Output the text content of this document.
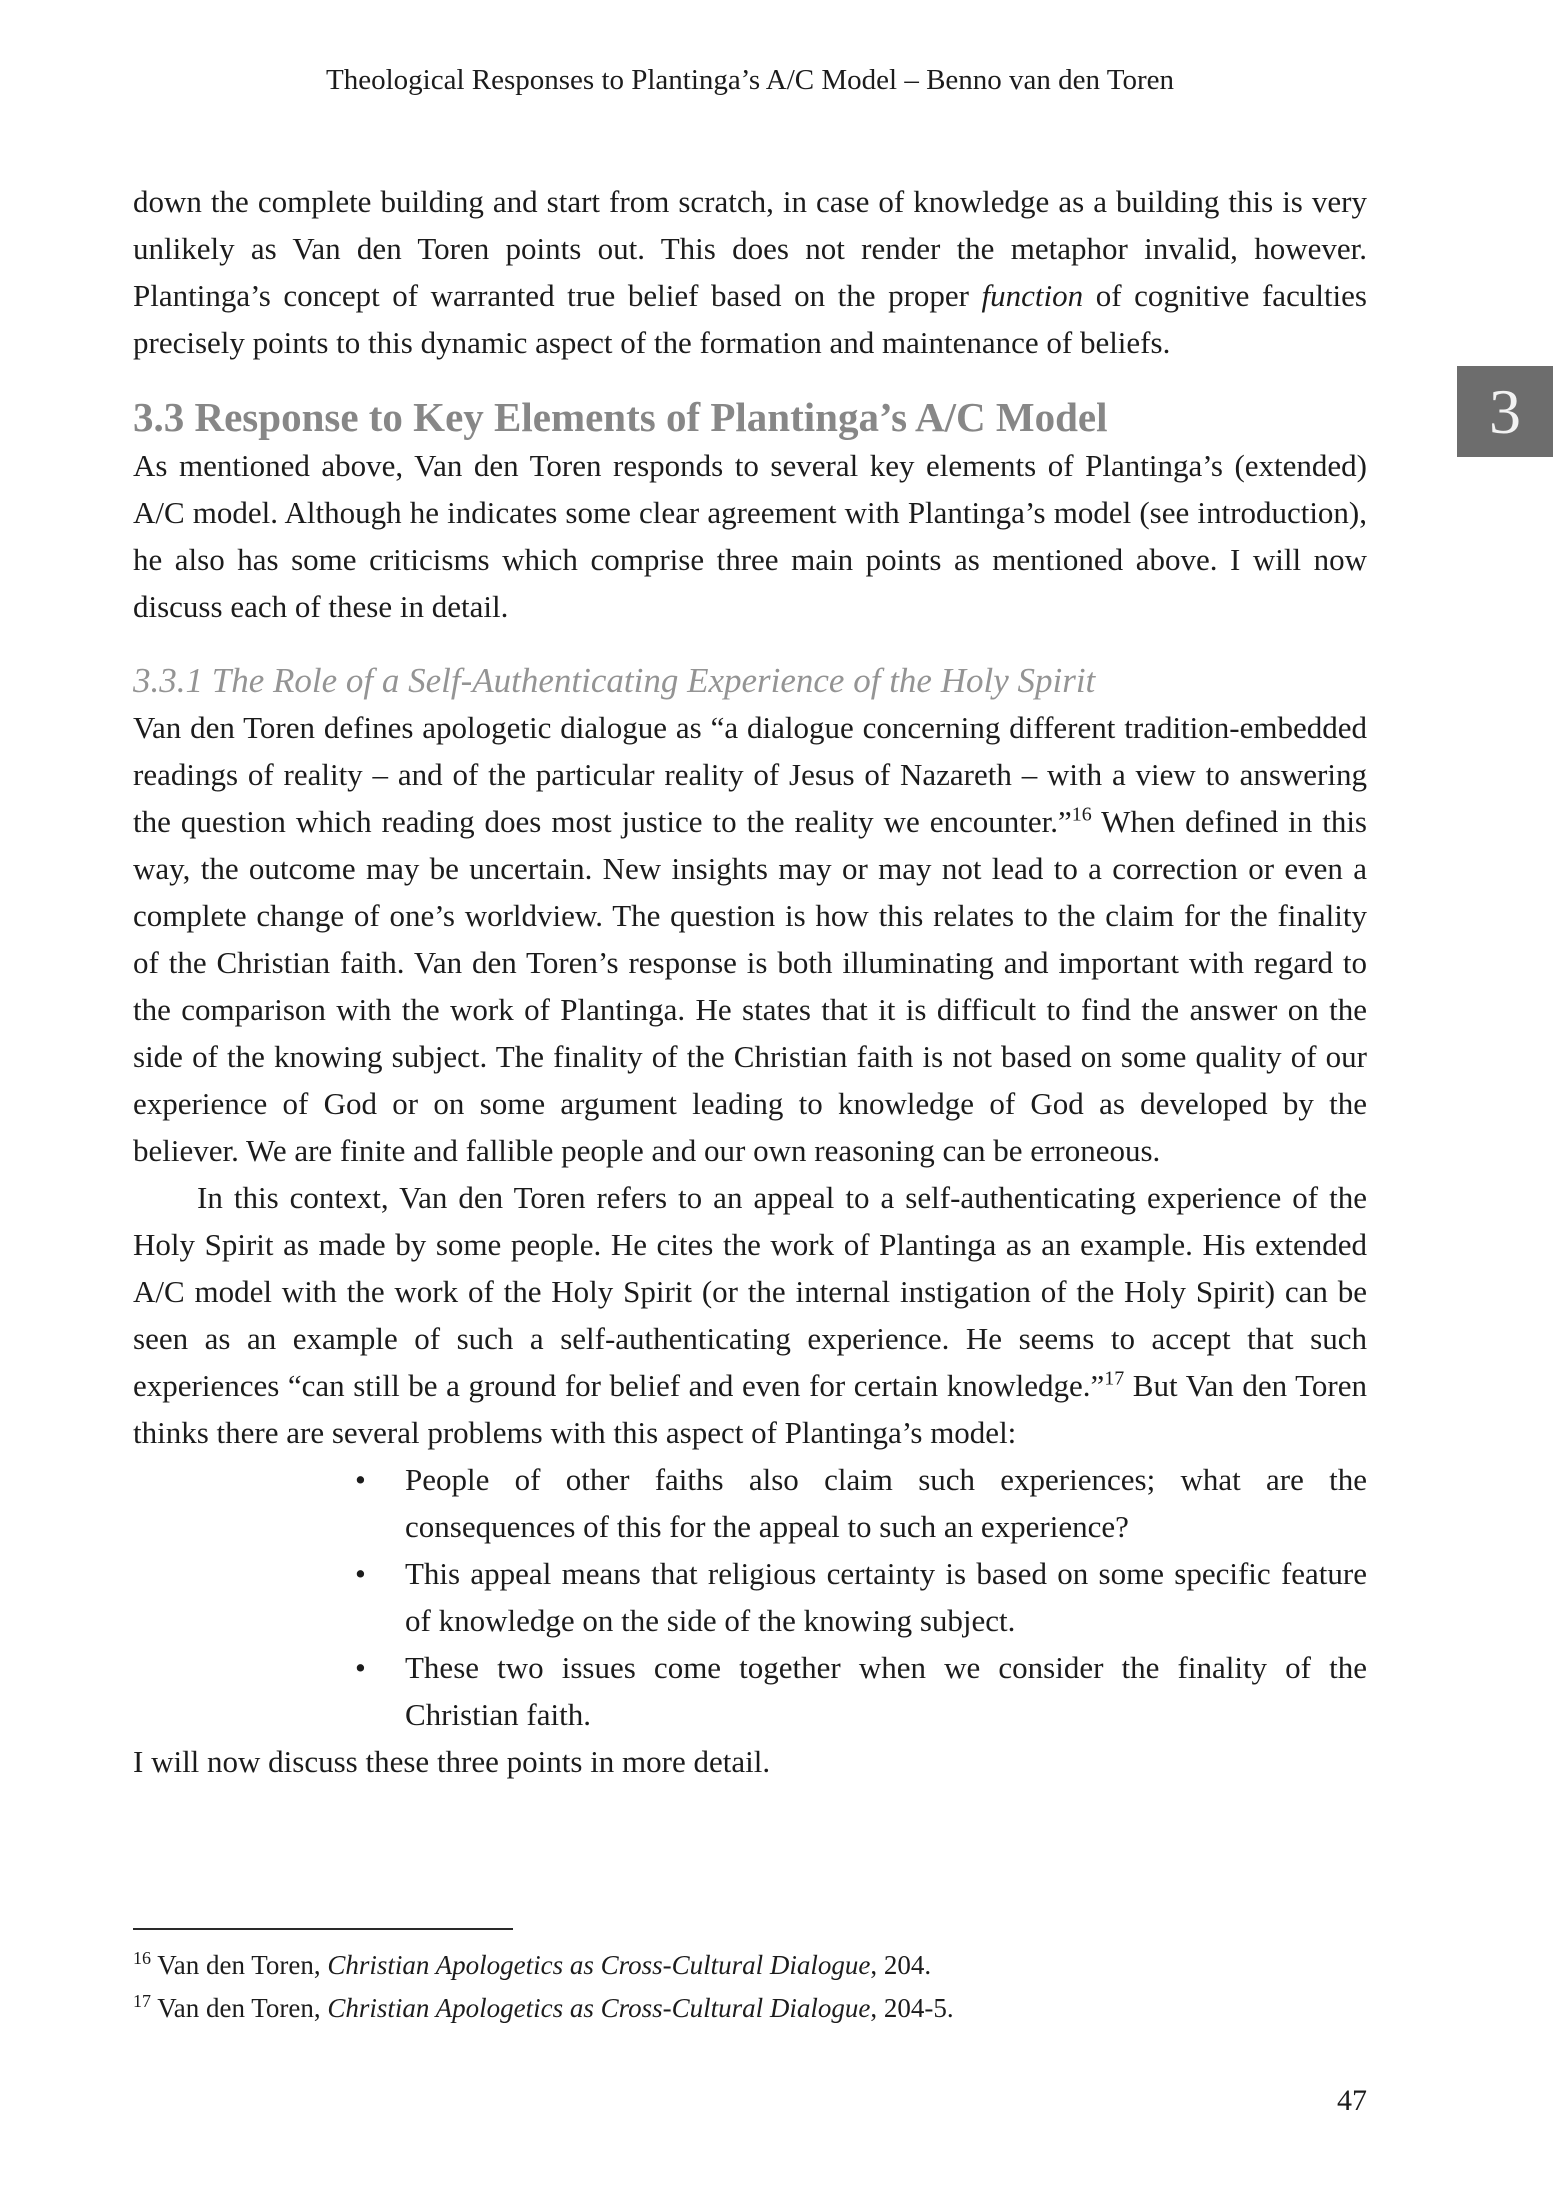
Theological Responses to Plantinga’s A/C Model – Benno van den Toren
3

down the complete building and start from scratch, in case of knowledge as a building this is very unlikely as Van den Toren points out. This does not render the metaphor invalid, however. Plantinga’s concept of warranted true belief based on the proper function of cognitive faculties precisely points to this dynamic aspect of the formation and maintenance of beliefs.

3.3 Response to Key Elements of Plantinga’s A/C Model

As mentioned above, Van den Toren responds to several key elements of Plantinga’s (extended) A/C model. Although he indicates some clear agreement with Plantinga’s model (see introduction), he also has some criticisms which comprise three main points as mentioned above. I will now discuss each of these in detail.

3.3.1 The Role of a Self-Authenticating Experience of the Holy Spirit

Van den Toren defines apologetic dialogue as “a dialogue concerning different tradition-embedded readings of reality – and of the particular reality of Jesus of Nazareth – with a view to answering the question which reading does most justice to the reality we encounter.”$^{16}$ When defined in this way, the outcome may be uncertain. New insights may or may not lead to a correction or even a complete change of one’s worldview. The question is how this relates to the claim for the finality of the Christian faith. Van den Toren’s response is both illuminating and important with regard to the comparison with the work of Plantinga. He states that it is difficult to find the answer on the side of the knowing subject. The finality of the Christian faith is not based on some quality of our experience of God or on some argument leading to knowledge of God as developed by the believer. We are finite and fallible people and our own reasoning can be erroneous.

In this context, Van den Toren refers to an appeal to a self-authenticating experience of the Holy Spirit as made by some people. He cites the work of Plantinga as an example. His extended A/C model with the work of the Holy Spirit (or the internal instigation of the Holy Spirit) can be seen as an example of such a self-authenticating experience. He seems to accept that such experiences “can still be a ground for belief and even for certain knowledge.”$^{17}$ But Van den Toren thinks there are several problems with this aspect of Plantinga’s model:

• People of other faiths also claim such experiences; what are the consequences of this for the appeal to such an experience?
• This appeal means that religious certainty is based on some specific feature of knowledge on the side of the knowing subject.
• These two issues come together when we consider the finality of the Christian faith.

I will now discuss these three points in more detail.

$^{16}$ Van den Toren, Christian Apologetics as Cross-Cultural Dialogue, 204.

$^{17}$ Van den Toren, Christian Apologetics as Cross-Cultural Dialogue, 204-5.

47
